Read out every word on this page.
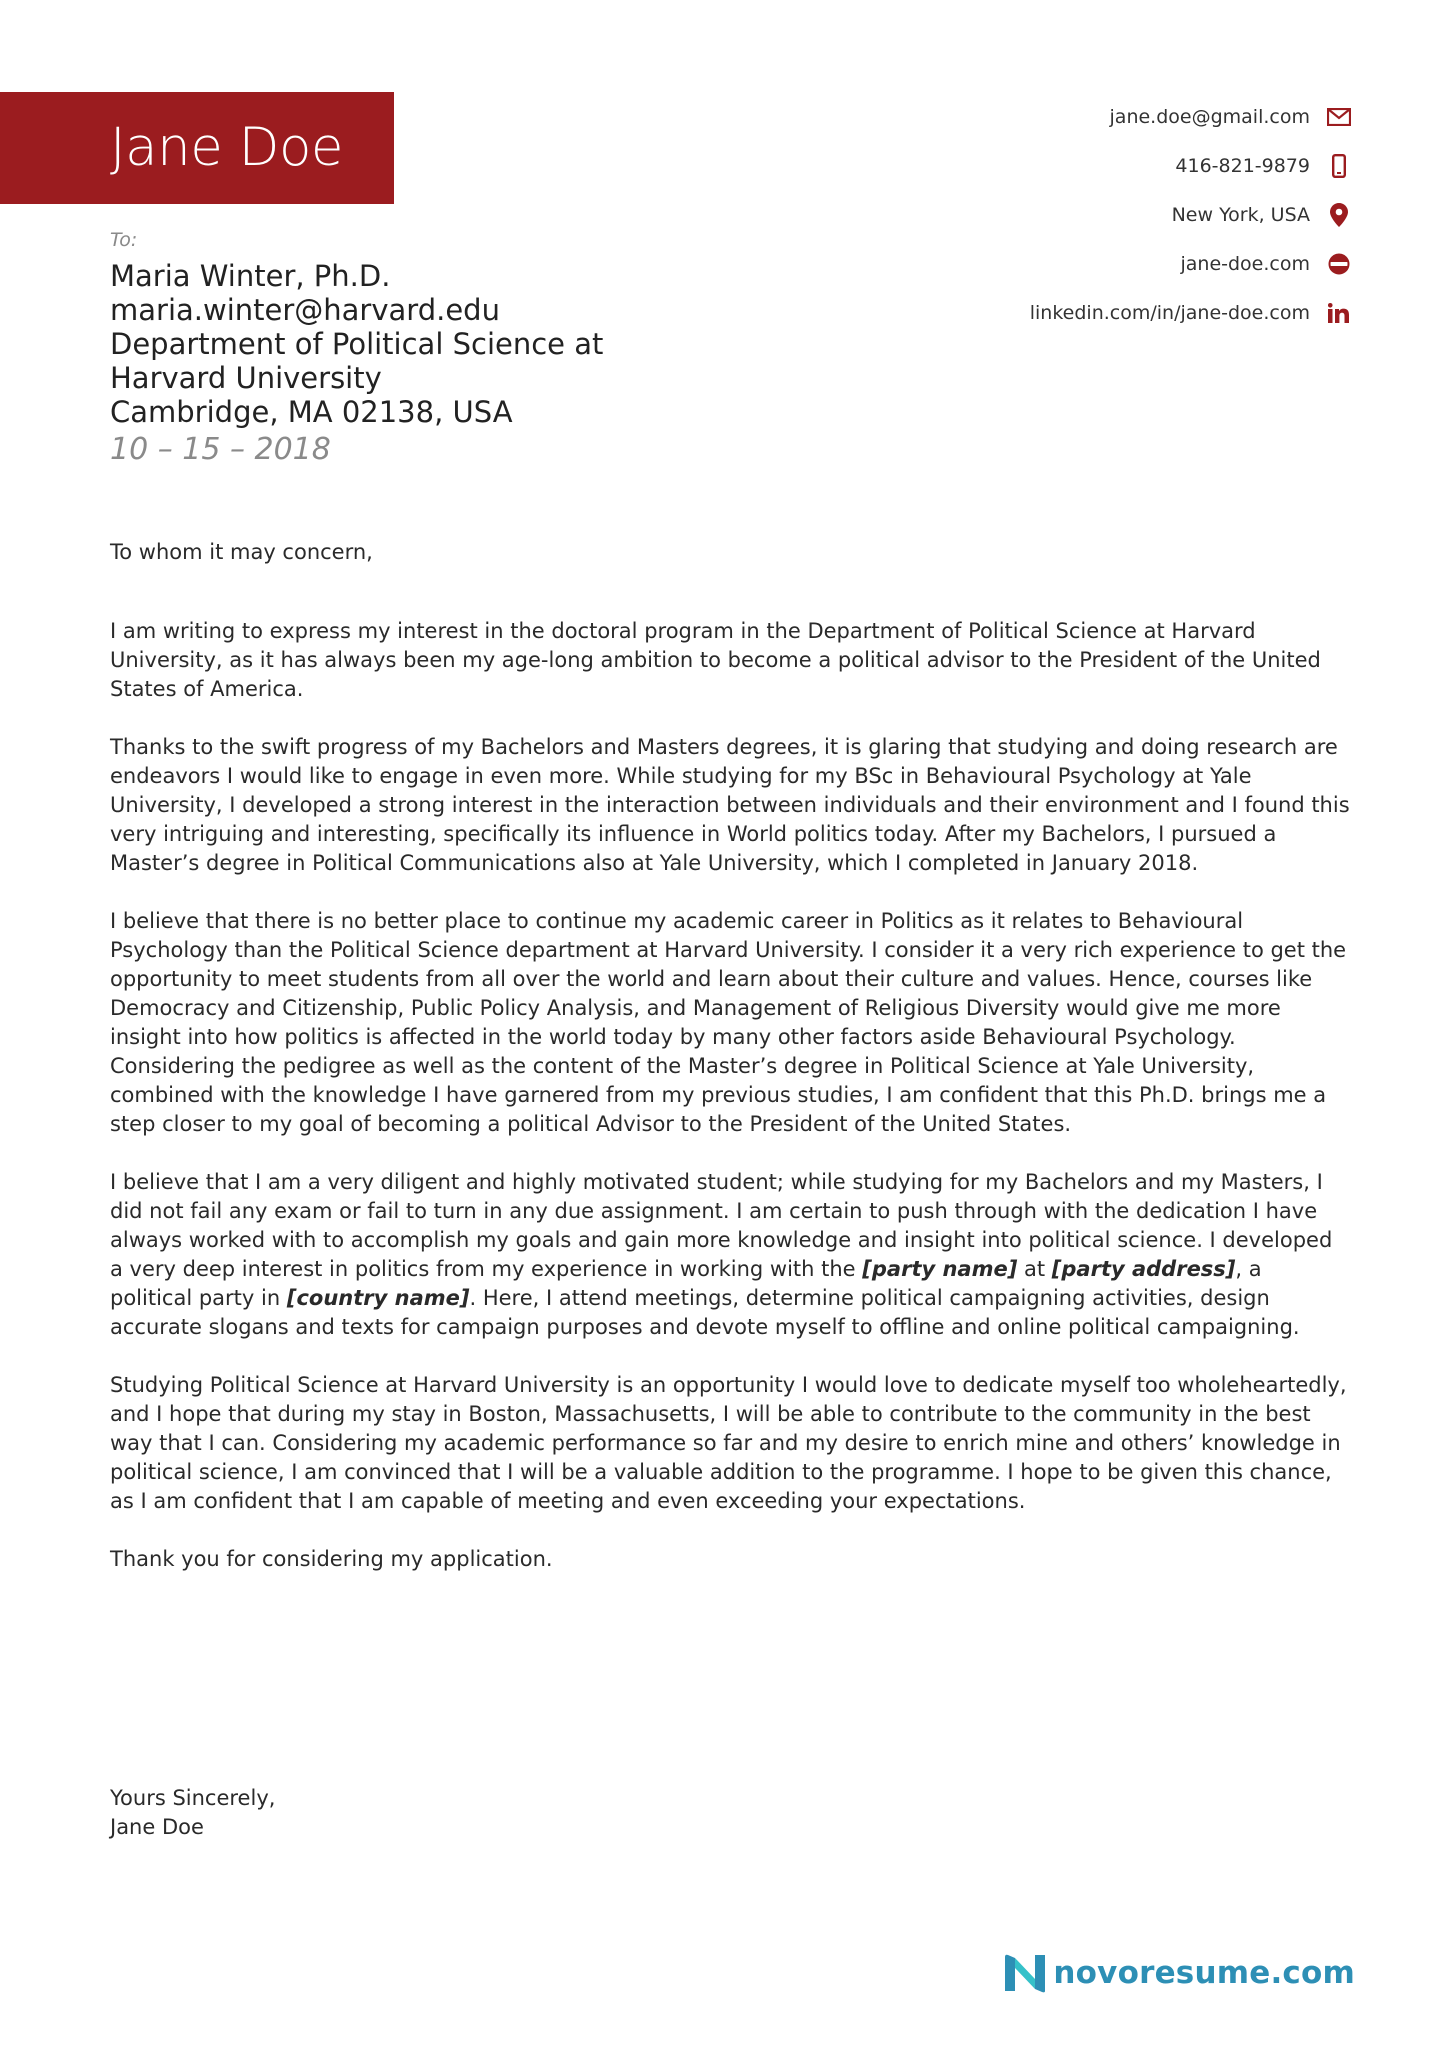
Jane Doe
jane.doe@gmail.com
416-821-9879
New York, USA
jane-doe.com
linkedin.com/in/jane-doe.com
To:
Maria Winter, Ph.D.
maria.winter@harvard.edu
Department of Political Science at
Harvard University
Cambridge, MA 02138, USA
10 – 15 – 2018

To whom it may concern,

I am writing to express my interest in the doctoral program in the Department of Political Science at Harvard University, as it has always been my age-long ambition to become a political advisor to the President of the United States of America.

Thanks to the swift progress of my Bachelors and Masters degrees, it is glaring that studying and doing research are endeavors I would like to engage in even more. While studying for my BSc in Behavioural Psychology at Yale University, I developed a strong interest in the interaction between individuals and their environment and I found this very intriguing and interesting, specifically its influence in World politics today. After my Bachelors, I pursued a Master’s degree in Political Communications also at Yale University, which I completed in January 2018.

I believe that there is no better place to continue my academic career in Politics as it relates to Behavioural Psychology than the Political Science department at Harvard University. I consider it a very rich experience to get the opportunity to meet students from all over the world and learn about their culture and values. Hence, courses like Democracy and Citizenship, Public Policy Analysis, and Management of Religious Diversity would give me more insight into how politics is affected in the world today by many other factors aside Behavioural Psychology. Considering the pedigree as well as the content of the Master’s degree in Political Science at Yale University, combined with the knowledge I have garnered from my previous studies, I am confident that this Ph.D. brings me a step closer to my goal of becoming a political Advisor to the President of the United States.

I believe that I am a very diligent and highly motivated student; while studying for my Bachelors and my Masters, I did not fail any exam or fail to turn in any due assignment. I am certain to push through with the dedication I have always worked with to accomplish my goals and gain more knowledge and insight into political science. I developed a very deep interest in politics from my experience in working with the [party name] at [party address], a political party in [country name]. Here, I attend meetings, determine political campaigning activities, design accurate slogans and texts for campaign purposes and devote myself to offline and online political campaigning.

Studying Political Science at Harvard University is an opportunity I would love to dedicate myself too wholeheartedly, and I hope that during my stay in Boston, Massachusetts, I will be able to contribute to the community in the best way that I can. Considering my academic performance so far and my desire to enrich mine and others’ knowledge in political science, I am convinced that I will be a valuable addition to the programme. I hope to be given this chance, as I am confident that I am capable of meeting and even exceeding your expectations.

Thank you for considering my application.

Yours Sincerely,
Jane Doe
novoresume.com
